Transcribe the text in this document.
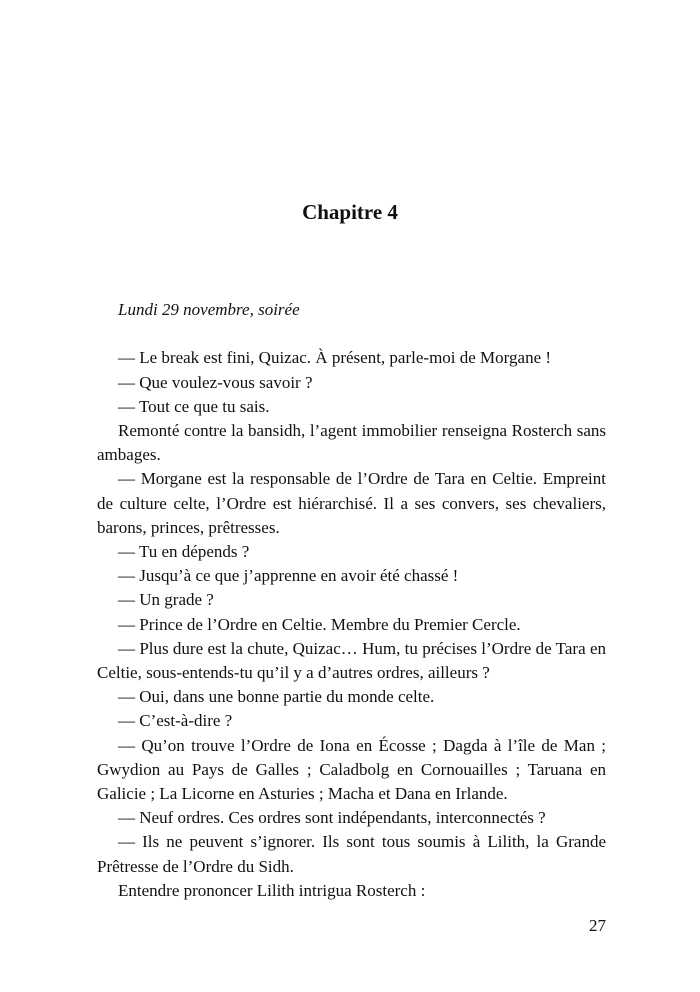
Chapitre 4

Lundi 29 novembre, soirée

— Le break est fini, Quizac. À présent, parle-moi de Morgane !

— Que voulez-vous savoir ?

— Tout ce que tu sais.

Remonté contre la bansidh, l’agent immobilier renseigna Rosterch sans ambages.

— Morgane est la responsable de l’Ordre de Tara en Celtie. Empreint de culture celte, l’Ordre est hiérarchisé. Il a ses convers, ses chevaliers, barons, princes, prêtresses.

— Tu en dépends ?

— Jusqu’à ce que j’apprenne en avoir été chassé !

— Un grade ?

— Prince de l’Ordre en Celtie. Membre du Premier Cercle.

— Plus dure est la chute, Quizac… Hum, tu précises l’Ordre de Tara en Celtie, sous-entends-tu qu’il y a d’autres ordres, ailleurs ?

— Oui, dans une bonne partie du monde celte.

— C’est-à-dire ?

— Qu’on trouve l’Ordre de Iona en Écosse ; Dagda à l’île de Man ; Gwydion au Pays de Galles ; Caladbolg en Cornouailles ; Taruana en Galicie ; La Licorne en Asturies ; Macha et Dana en Irlande.

— Neuf ordres. Ces ordres sont indépendants, interconnectés ?

— Ils ne peuvent s’ignorer. Ils sont tous soumis à Lilith, la Grande Prêtresse de l’Ordre du Sidh.

Entendre prononcer Lilith intrigua Rosterch :

27
